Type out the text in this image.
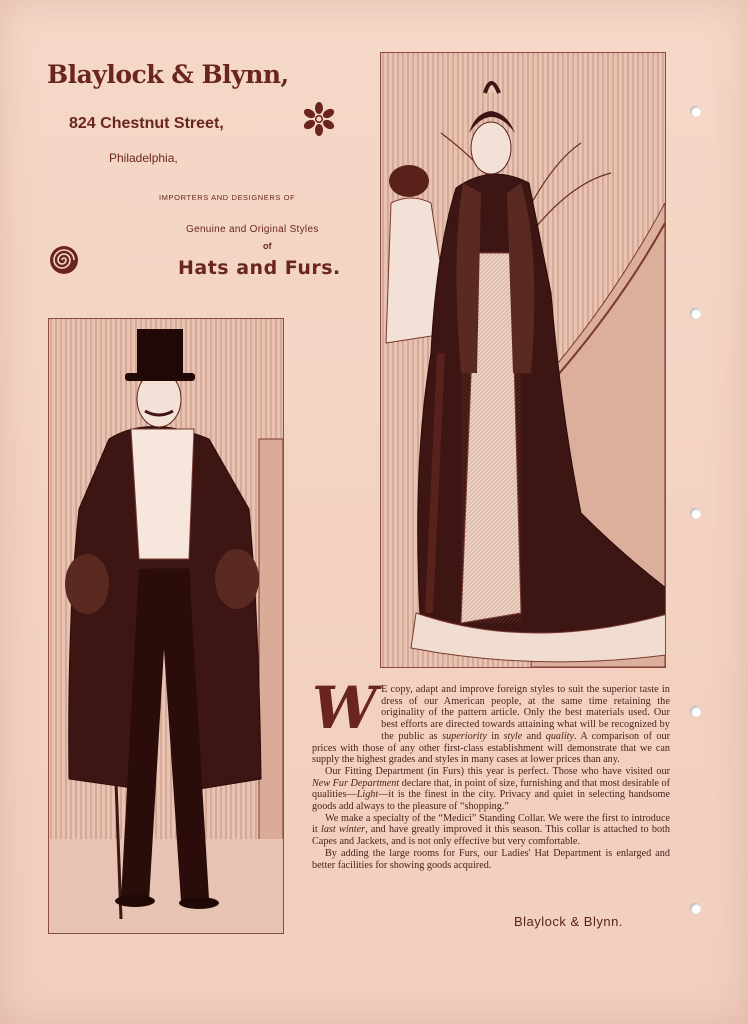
Blaylock & Blynn,
824 Chestnut Street,
Philadelphia,
IMPORTERS AND DESIGNERS OF
Genuine and Original Styles
of
Hats and Furs.

W E copy, adapt and improve foreign styles to suit the superior taste in dress of our American people, at the same time retaining the originality of the pattern article. Only the best materials used. Our best efforts are directed towards attaining what will be recognized by the public as superiority in style and quality. A comparison of our prices with those of any other first-class establishment will demonstrate that we can supply the highest grades and styles in many cases at lower prices than any.

Our Fitting Department (in Furs) this year is perfect. Those who have visited our New Fur Department declare that, in point of size, furnishing and that most desirable of qualities—Light—it is the finest in the city. Privacy and quiet in selecting handsome goods add always to the pleasure of “shopping.”

We make a specialty of the “Medici” Standing Collar. We were the first to introduce it last winter, and have greatly improved it this season. This collar is attached to both Capes and Jackets, and is not only effective but very comfortable.

By adding the large rooms for Furs, our Ladies' Hat Department is enlarged and better facilities for showing goods acquired.

Blaylock & Blynn.
